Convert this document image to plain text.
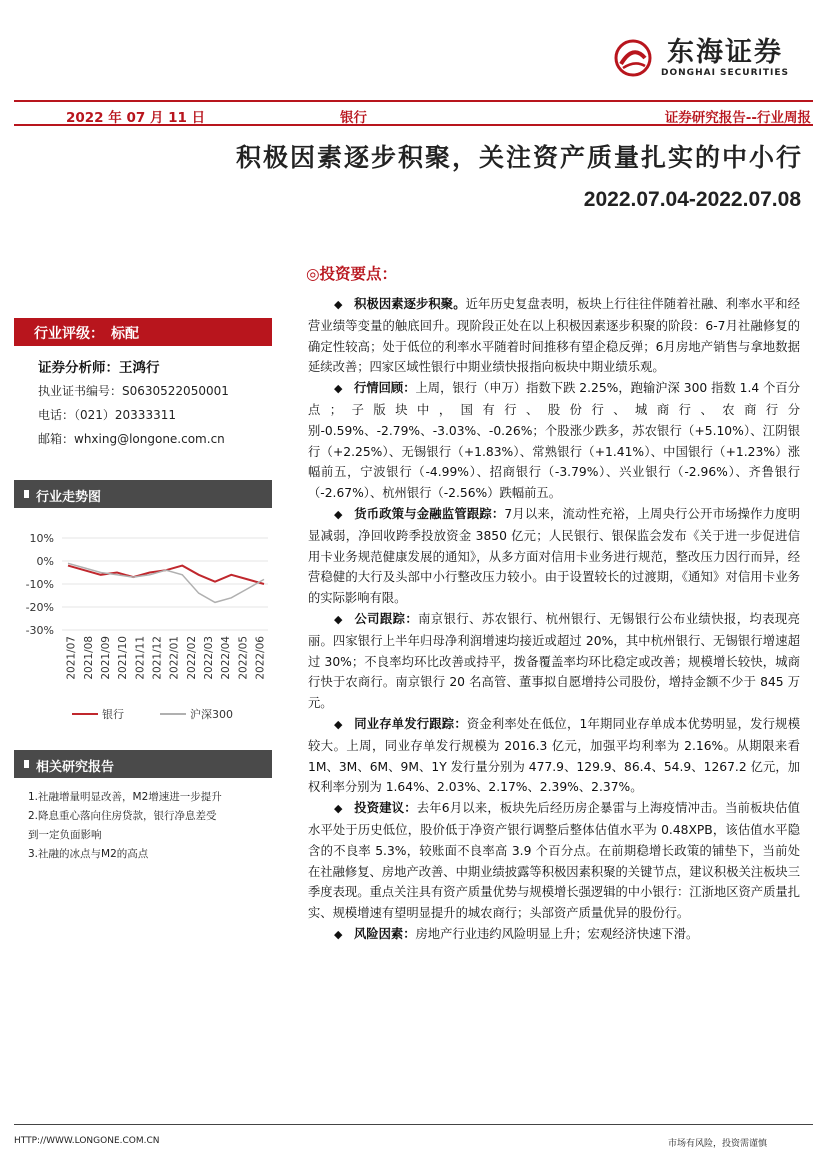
东海证券
DONGHAI SECURITIES
2022 年 07 月 11 日	银行	证券研究报告--行业周报
积极因素逐步积聚，关注资产质量扎实的中小行
2022.07.04-2022.07.08
行业评级：　标配
证券分析师：王鸿行
执业证书编号：S0630522050001
电话：（021）20333311
邮箱：whxing@longone.com.cn
行业走势图
10%
0%
-10%
-20%
-30%
2021/07 2021/08 2021/09 2021/10 2021/11 2021/12 2022/01 2022/02 2022/03 2022/04 2022/05 2022/06
银行	沪深300
相关研究报告
1.社融增量明显改善，M2增速进一步提升
2.降息重心落向住房贷款，银行净息差受
到一定负面影响
3.社融的冰点与M2的高点
◎投资要点：

◆ 积极因素逐步积聚。近年历史复盘表明，板块上行往往伴随着社融、利率水平和经营业绩等变量的触底回升。现阶段正处在以上积极因素逐步积聚的阶段：6-7月社融修复的确定性较高；处于低位的利率水平随着时间推移有望企稳反弹；6月房地产销售与拿地数据延续改善；四家区域性银行中期业绩快报指向板块中期业绩乐观。

◆ 行情回顾：上周，银行（申万）指数下跌 2.25%，跑输沪深 300 指数 1.4 个百分点；子版块中，国有行、股份行、城商行、农商行分别-0.59%、-2.79%、-3.03%、-0.26%；个股涨少跌多，苏农银行（+5.10%）、江阴银行（+2.25%）、无锡银行（+1.83%）、常熟银行（+1.41%）、中国银行（+1.23%）涨幅前五，宁波银行（-4.99%）、招商银行（-3.79%）、兴业银行（-2.96%）、齐鲁银行（-2.67%）、杭州银行（-2.56%）跌幅前五。

◆ 货币政策与金融监管跟踪：7月以来，流动性充裕，上周央行公开市场操作力度明显减弱，净回收跨季投放资金 3850 亿元；人民银行、银保监会发布《关于进一步促进信用卡业务规范健康发展的通知》，从多方面对信用卡业务进行规范，整改压力因行而异，经营稳健的大行及头部中小行整改压力较小。由于设置较长的过渡期，《通知》对信用卡业务的实际影响有限。

◆ 公司跟踪：南京银行、苏农银行、杭州银行、无锡银行公布业绩快报，均表现亮丽。四家银行上半年归母净利润增速均接近或超过 20%，其中杭州银行、无锡银行增速超过 30%；不良率均环比改善或持平，拨备覆盖率均环比稳定或改善；规模增长较快，城商行快于农商行。南京银行 20 名高管、董事拟自愿增持公司股份，增持金额不少于 845 万元。

◆ 同业存单发行跟踪：资金利率处在低位，1年期同业存单成本优势明显，发行规模较大。上周，同业存单发行规模为 2016.3 亿元，加强平均利率为 2.16%。从期限来看 1M、3M、6M、9M、1Y 发行量分别为 477.9、129.9、86.4、54.9、1267.2 亿元，加权利率分别为 1.64%、2.03%、2.17%、2.39%、2.37%。

◆ 投资建议：去年6月以来，板块先后经历房企暴雷与上海疫情冲击。当前板块估值水平处于历史低位，股价低于净资产银行调整后整体估值水平为 0.48XPB，该估值水平隐含的不良率 5.3%，较账面不良率高 3.9 个百分点。在前期稳增长政策的铺垫下，当前处在社融修复、房地产改善、中期业绩披露等积极因素积聚的关键节点，建议积极关注板块三季度表现。重点关注具有资产质量优势与规模增长强逻辑的中小银行：江浙地区资产质量扎实、规模增速有望明显提升的城农商行；头部资产质量优异的股份行。

◆ 风险因素：房地产行业违约风险明显上升；宏观经济快速下滑。

HTTP://WWW.LONGONE.COM.CN	市场有风险，投资需谨慎
